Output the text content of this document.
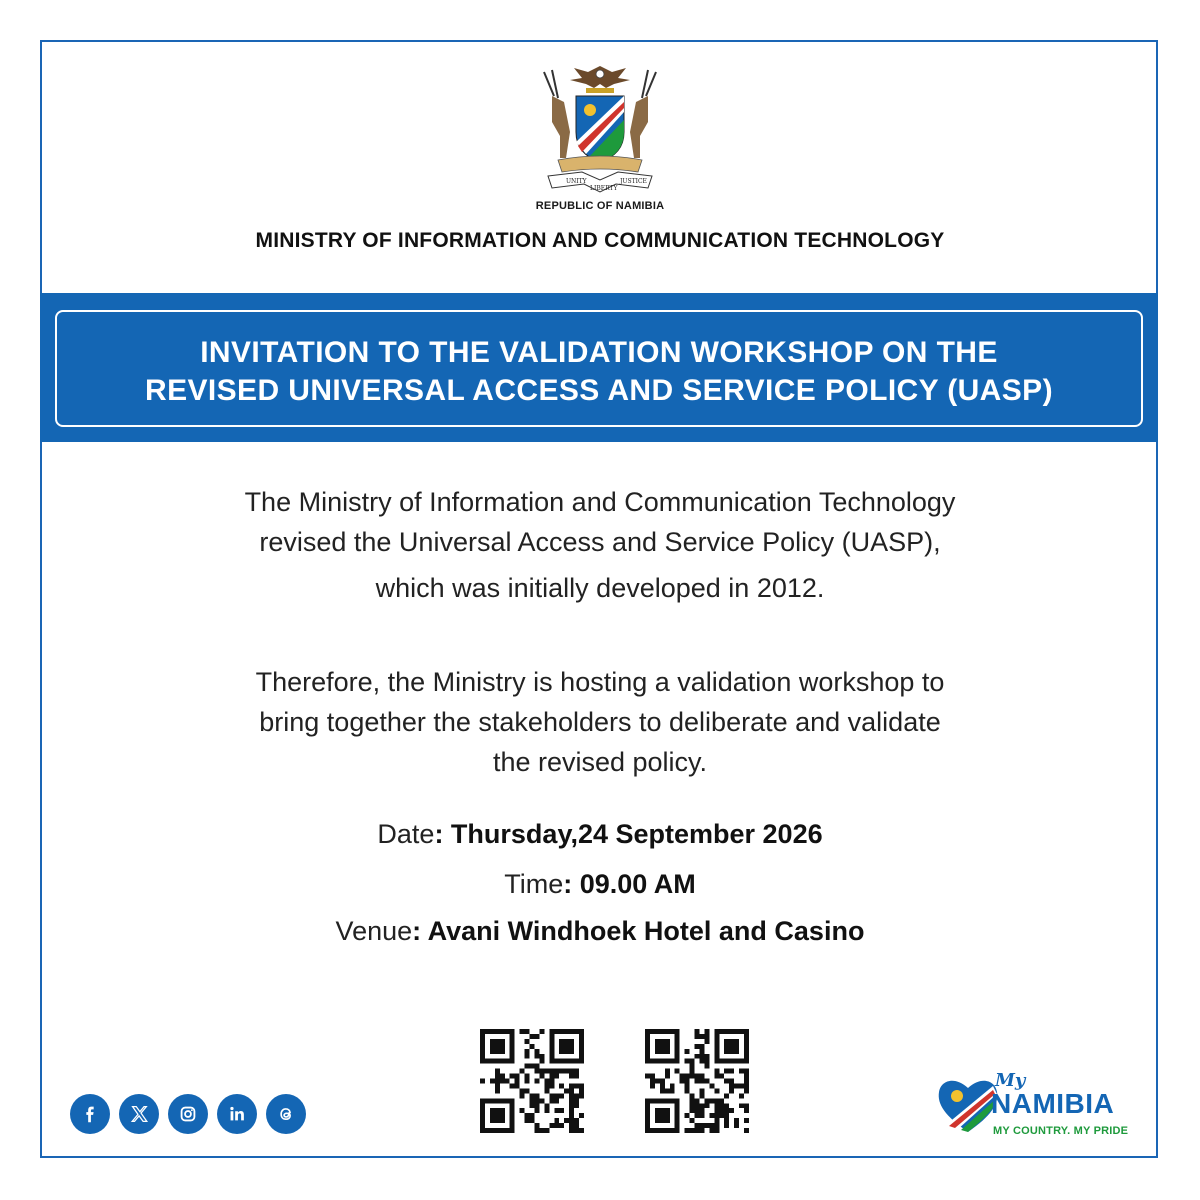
UNITY
LIBERTY
JUSTICE
REPUBLIC OF NAMIBIA
MINISTRY OF INFORMATION AND COMMUNICATION TECHNOLOGY
INVITATION TO THE VALIDATION WORKSHOP ON THE
REVISED UNIVERSAL ACCESS AND SERVICE POLICY (UASP)
The Ministry of Information and Communication Technology
revised the Universal Access and Service Policy (UASP),
which was initially developed in 2012.
Therefore, the Ministry is hosting a validation workshop to
bring together the stakeholders to deliberate and validate
the revised policy.
Date: Thursday,24 September 2026
Time: 09.00 AM
Venue: Avani Windhoek Hotel and Casino
My
NAMIBIA
MY COUNTRY. MY PRIDE
